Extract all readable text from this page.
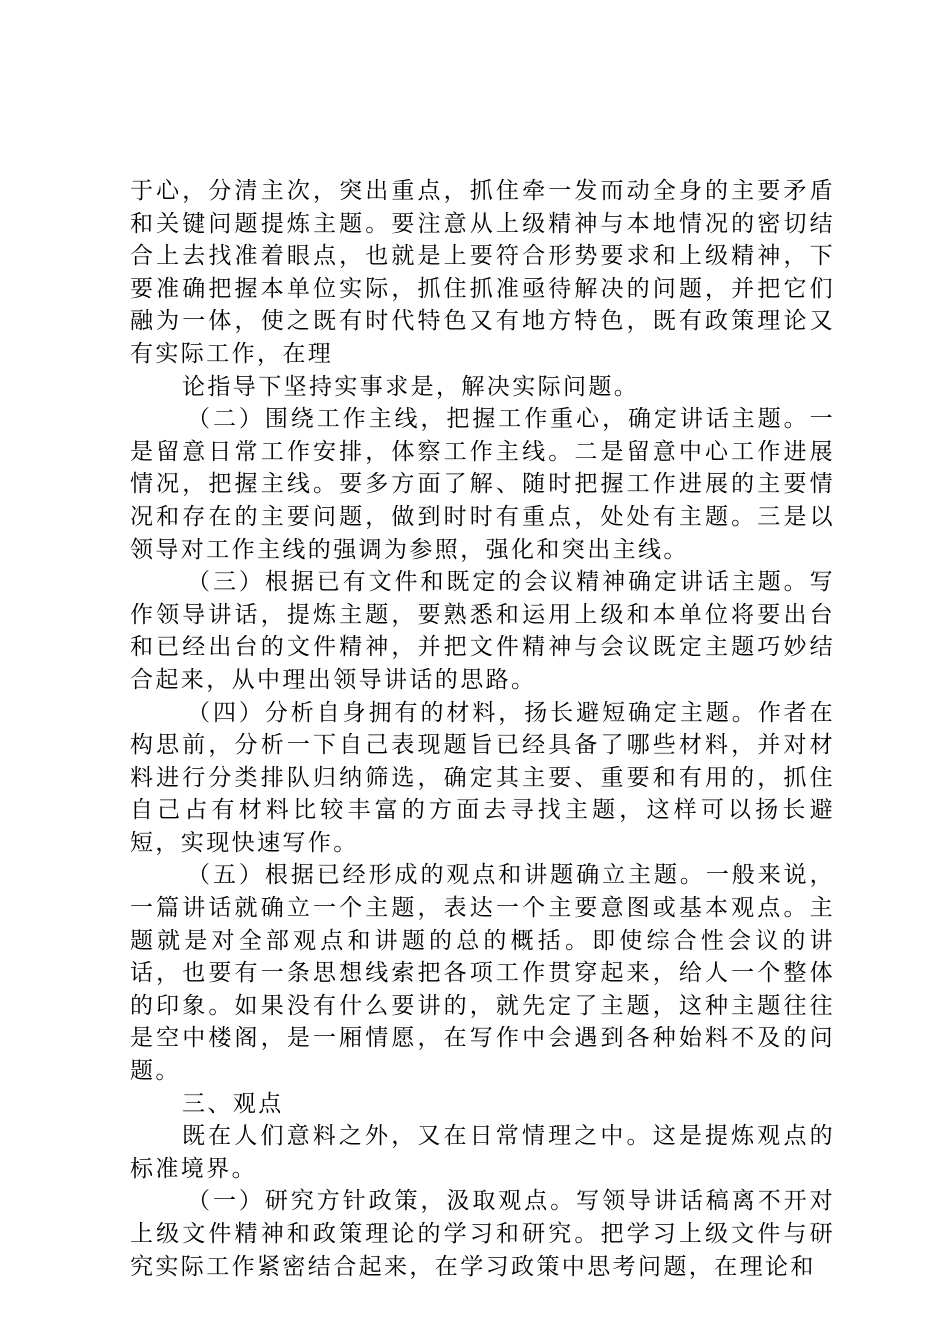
于心，分清主次，突出重点，抓住牵一发而动全身的主要矛盾和关键问题提炼主题。要注意从上级精神与本地情况的密切结合上去找准着眼点，也就是上要符合形势要求和上级精神，下要准确把握本单位实际，抓住抓准亟待解决的问题，并把它们融为一体，使之既有时代特色又有地方特色，既有政策理论又有实际工作，在理

论指导下坚持实事求是，解决实际问题。

（二）围绕工作主线，把握工作重心，确定讲话主题。一是留意日常工作安排，体察工作主线。二是留意中心工作进展情况，把握主线。要多方面了解、随时把握工作进展的主要情况和存在的主要问题，做到时时有重点，处处有主题。三是以领导对工作主线的强调为参照，强化和突出主线。

（三）根据已有文件和既定的会议精神确定讲话主题。写作领导讲话，提炼主题，要熟悉和运用上级和本单位将要出台和已经出台的文件精神，并把文件精神与会议既定主题巧妙结合起来，从中理出领导讲话的思路。

（四）分析自身拥有的材料，扬长避短确定主题。作者在构思前，分析一下自己表现题旨已经具备了哪些材料，并对材料进行分类排队归纳筛选，确定其主要、重要和有用的，抓住自己占有材料比较丰富的方面去寻找主题，这样可以扬长避短，实现快速写作。

（五）根据已经形成的观点和讲题确立主题。一般来说，一篇讲话就确立一个主题，表达一个主要意图或基本观点。主题就是对全部观点和讲题的总的概括。即使综合性会议的讲话，也要有一条思想线索把各项工作贯穿起来，给人一个整体的印象。如果没有什么要讲的，就先定了主题，这种主题往往是空中楼阁，是一厢情愿，在写作中会遇到各种始料不及的问题。

三、观点

既在人们意料之外，又在日常情理之中。这是提炼观点的标准境界。

（一）研究方针政策，汲取观点。写领导讲话稿离不开对上级文件精神和政策理论的学习和研究。把学习上级文件与研究实际工作紧密结合起来，在学习政策中思考问题，在理论和
